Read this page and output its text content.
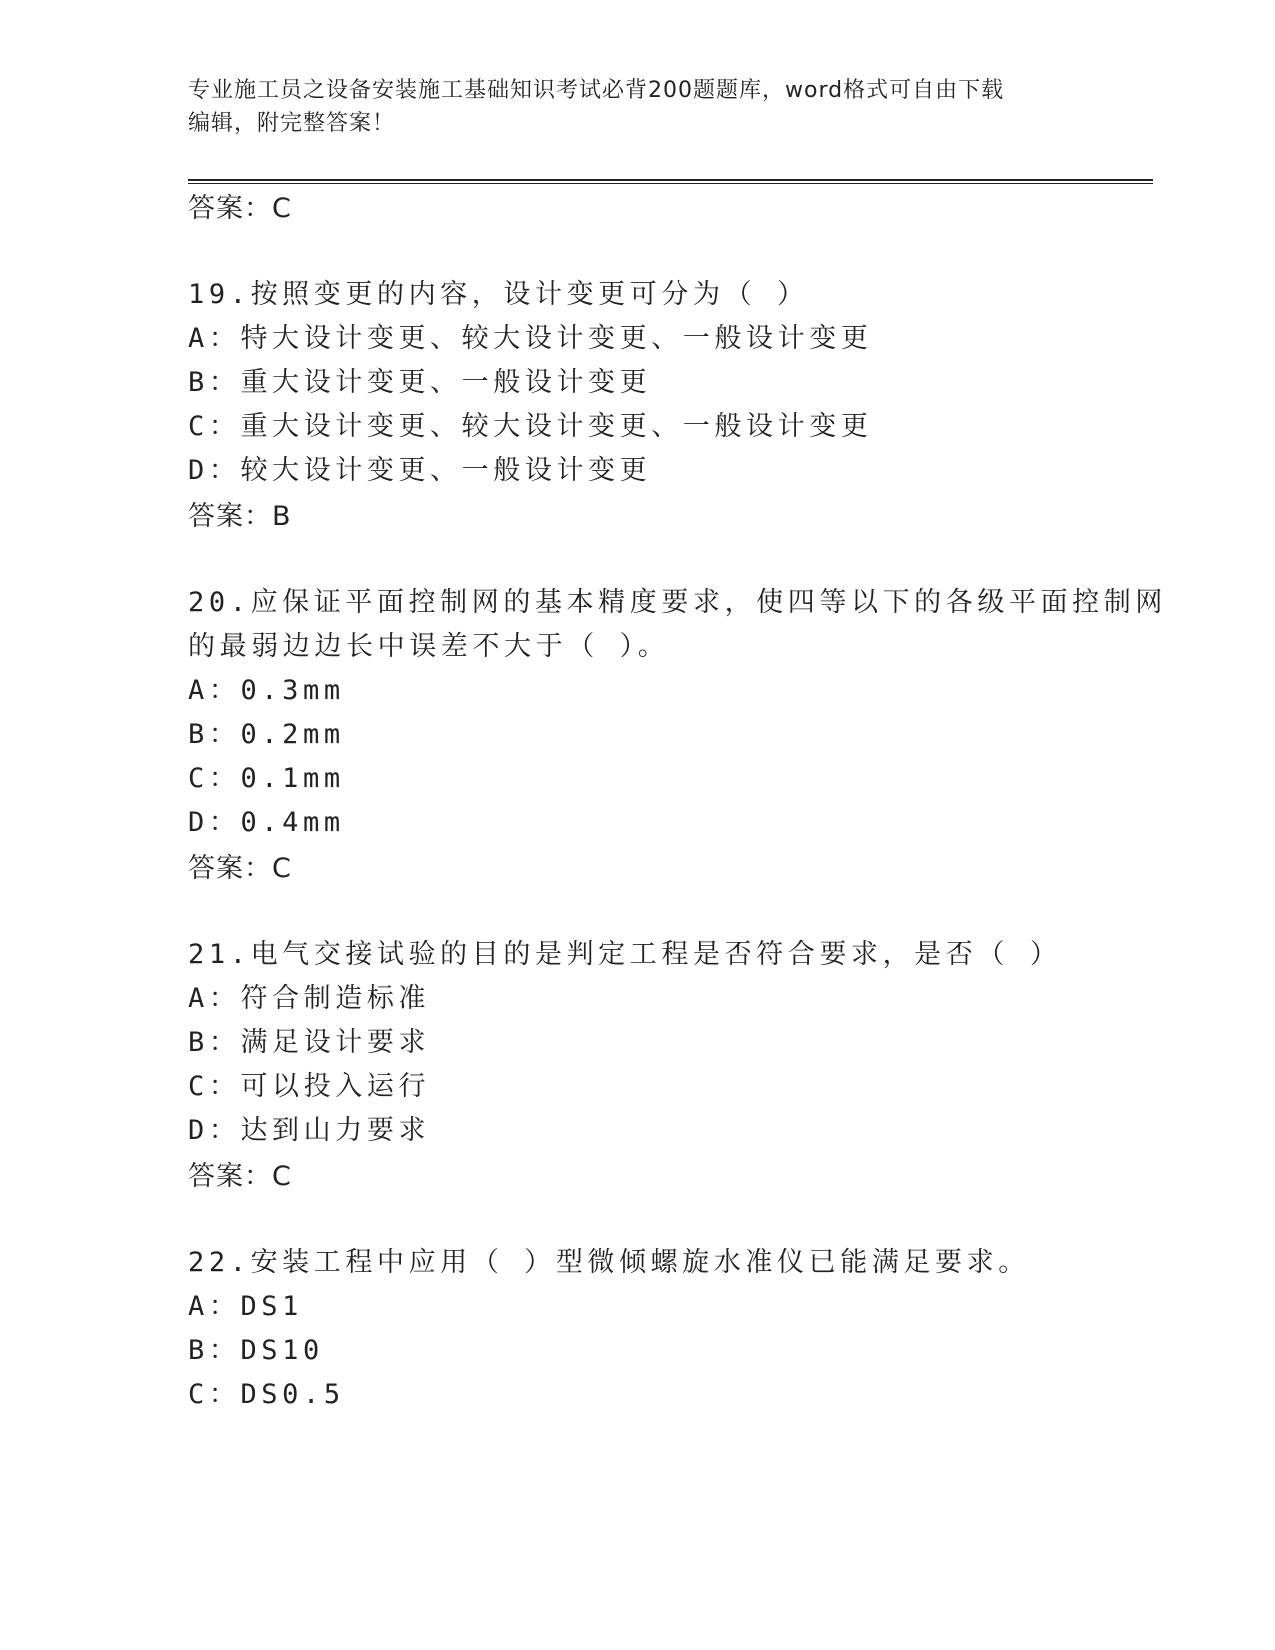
专业施工员之设备安装施工基础知识考试必背200题题库，word格式可自由下载
编辑，附完整答案！
答案：C
19.按照变更的内容，设计变更可分为（ ）
A：特大设计变更、较大设计变更、一般设计变更
B：重大设计变更、一般设计变更
C：重大设计变更、较大设计变更、一般设计变更
D：较大设计变更、一般设计变更
答案：B
20.应保证平面控制网的基本精度要求，使四等以下的各级平面控制网
的最弱边边长中误差不大于（ ）。
A：0.3mm
B：0.2mm
C：0.1mm
D：0.4mm
答案：C
21.电气交接试验的目的是判定工程是否符合要求，是否（ ）
A：符合制造标准
B：满足设计要求
C：可以投入运行
D：达到山力要求
答案：C
22.安装工程中应用（ ）型微倾螺旋水准仪已能满足要求。
A：DS1
B：DS10
C：DS0.5
